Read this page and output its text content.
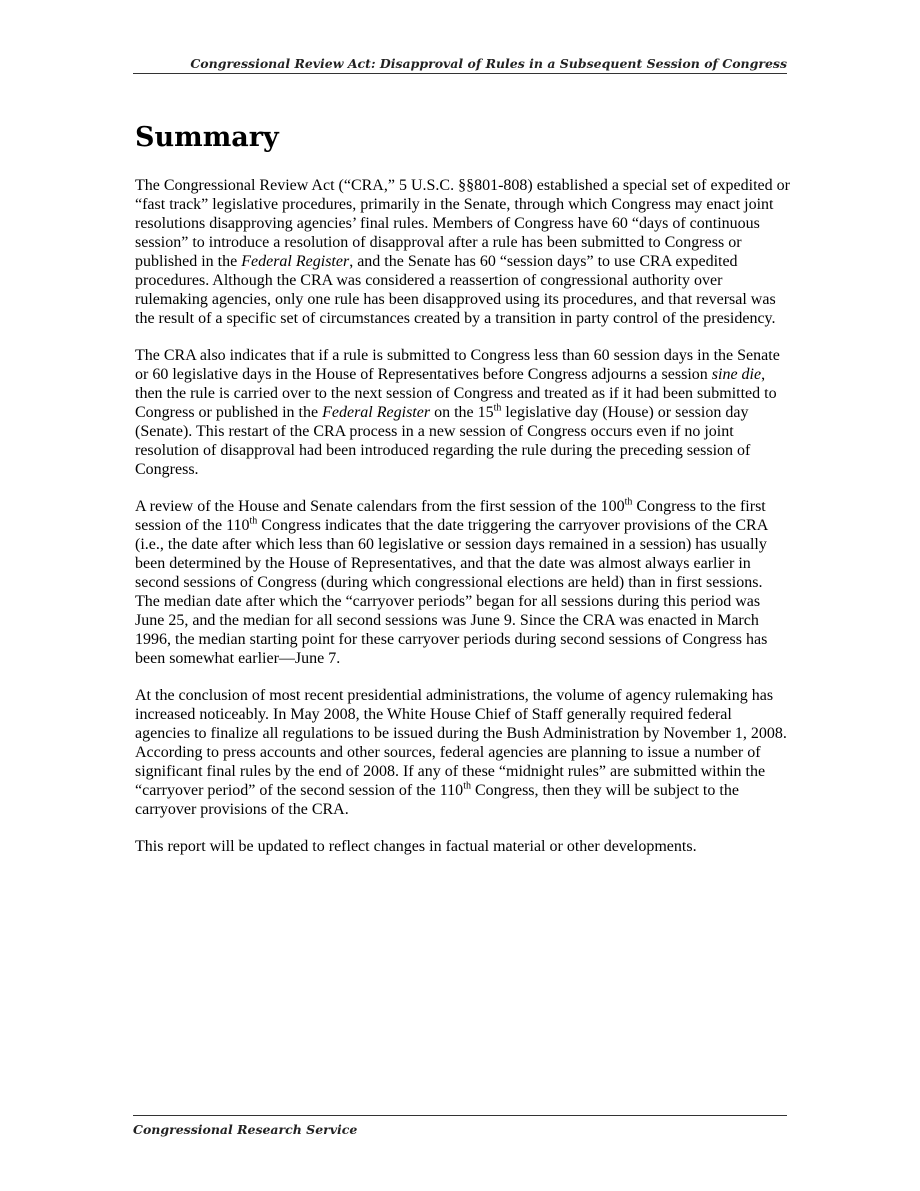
Congressional Review Act: Disapproval of Rules in a Subsequent Session of Congress
Summary

The Congressional Review Act (“CRA,” 5 U.S.C. §§801-808) established a special set of expedited or “fast track” legislative procedures, primarily in the Senate, through which Congress may enact joint resolutions disapproving agencies’ final rules. Members of Congress have 60 “days of continuous session” to introduce a resolution of disapproval after a rule has been submitted to Congress or published in the Federal Register, and the Senate has 60 “session days” to use CRA expedited procedures. Although the CRA was considered a reassertion of congressional authority over rulemaking agencies, only one rule has been disapproved using its procedures, and that reversal was the result of a specific set of circumstances created by a transition in party control of the presidency.

The CRA also indicates that if a rule is submitted to Congress less than 60 session days in the Senate or 60 legislative days in the House of Representatives before Congress adjourns a session sine die, then the rule is carried over to the next session of Congress and treated as if it had been submitted to Congress or published in the Federal Register on the 15th legislative day (House) or session day (Senate). This restart of the CRA process in a new session of Congress occurs even if no joint resolution of disapproval had been introduced regarding the rule during the preceding session of Congress.

A review of the House and Senate calendars from the first session of the 100th Congress to the first session of the 110th Congress indicates that the date triggering the carryover provisions of the CRA (i.e., the date after which less than 60 legislative or session days remained in a session) has usually been determined by the House of Representatives, and that the date was almost always earlier in second sessions of Congress (during which congressional elections are held) than in first sessions. The median date after which the “carryover periods” began for all sessions during this period was June 25, and the median for all second sessions was June 9. Since the CRA was enacted in March 1996, the median starting point for these carryover periods during second sessions of Congress has been somewhat earlier—June 7.

At the conclusion of most recent presidential administrations, the volume of agency rulemaking has increased noticeably. In May 2008, the White House Chief of Staff generally required federal agencies to finalize all regulations to be issued during the Bush Administration by November 1, 2008. According to press accounts and other sources, federal agencies are planning to issue a number of significant final rules by the end of 2008. If any of these “midnight rules” are submitted within the “carryover period” of the second session of the 110th Congress, then they will be subject to the carryover provisions of the CRA.

This report will be updated to reflect changes in factual material or other developments.

Congressional Research Service
